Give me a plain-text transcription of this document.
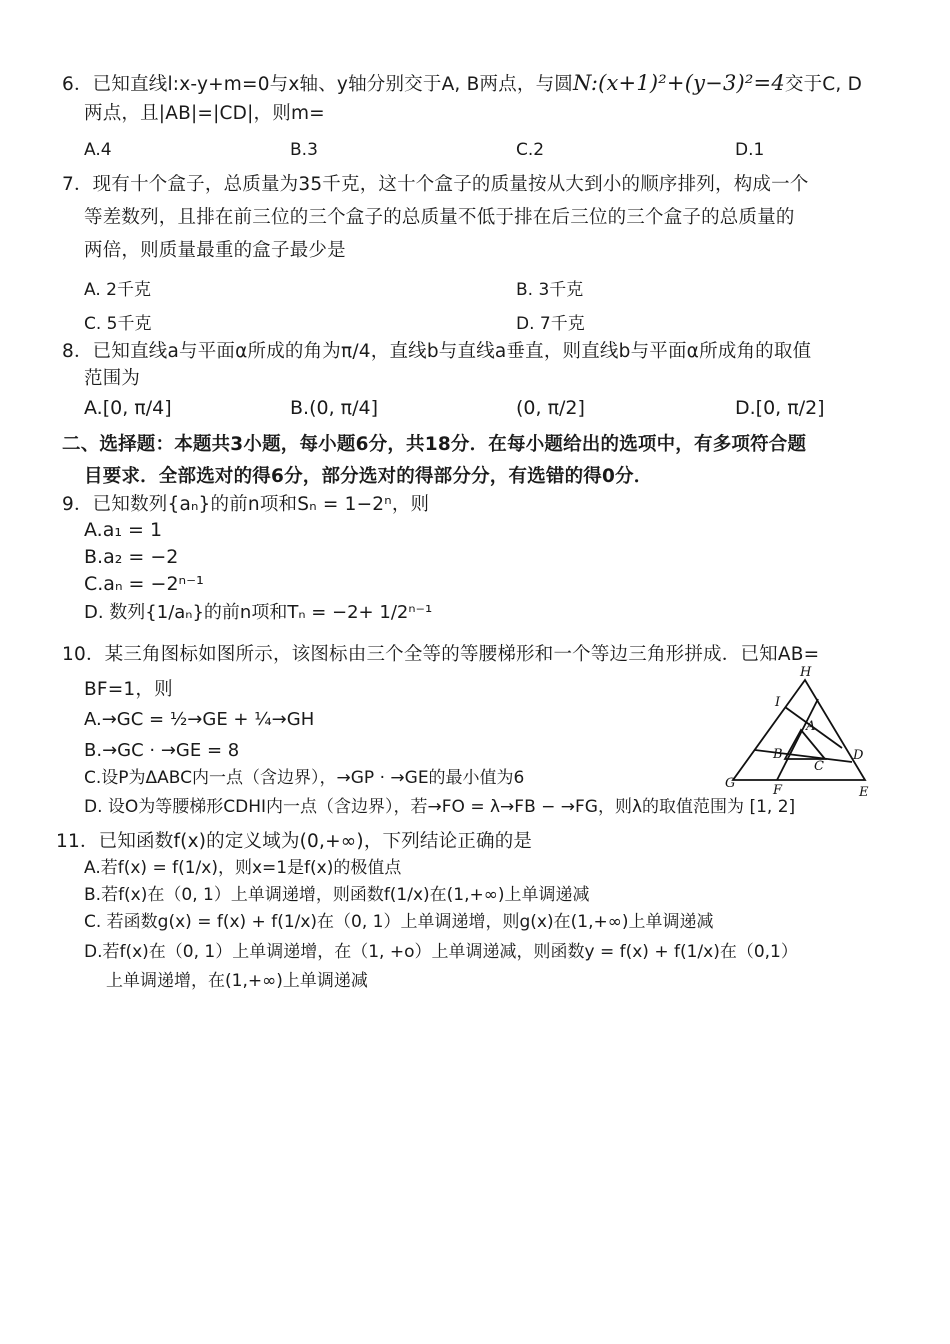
6．已知直线l:x-y+m=0与x轴、y轴分别交于A, B两点，与圆N:(x+1)²+(y−3)²=4交于C, D
两点，且|AB|=|CD|，则m=
A.4	B.3	C.2	D.1
7．现有十个盒子，总质量为35千克，这十个盒子的质量按从大到小的顺序排列，构成一个
等差数列，且排在前三位的三个盒子的总质量不低于排在后三位的三个盒子的总质量的
两倍，则质量最重的盒子最少是
A. 2千克	B. 3千克
C. 5千克	D. 7千克
8．已知直线a与平面α所成的角为π/4，直线b与直线a垂直，则直线b与平面α所成角的取值
范围为
A.[0, π/4]	B.(0, π/4]	(0, π/2]	D.[0, π/2]
二、选择题：本题共3小题，每小题6分，共18分．在每小题给出的选项中，有多项符合题
目要求．全部选对的得6分，部分选对的得部分分，有选错的得0分．
9．已知数列{aₙ}的前n项和Sₙ = 1−2ⁿ，则
A.a₁ = 1
B.a₂ = −2
C.aₙ = −2ⁿ⁻¹
D. 数列{1/aₙ}的前n项和Tₙ = −2+ 1/2ⁿ⁻¹
10．某三角图标如图所示，该图标由三个全等的等腰梯形和一个等边三角形拼成．已知AB=
BF=1，则
A.→GC = ½→GE + ¼→GH
B.→GC · →GE = 8
C.设P为ΔABC内一点（含边界），→GP · →GE的最小值为6
D. 设O为等腰梯形CDHI内一点（含边界），若→FO = λ→FB − →FG，则λ的取值范围为 [1, 2]
H
I
A
B	D
C
G	F	E
11．已知函数f(x)的定义域为(0,+∞)，下列结论正确的是
A.若f(x) = f(1/x)，则x=1是f(x)的极值点
B.若f(x)在（0, 1）上单调递增，则函数f(1/x)在(1,+∞)上单调递减
C. 若函数g(x) = f(x) + f(1/x)在（0, 1）上单调递增，则g(x)在(1,+∞)上单调递减
D.若f(x)在（0, 1）上单调递增，在（1, +o）上单调递减，则函数y = f(x) + f(1/x)在（0,1）
上单调递增，在(1,+∞)上单调递减
